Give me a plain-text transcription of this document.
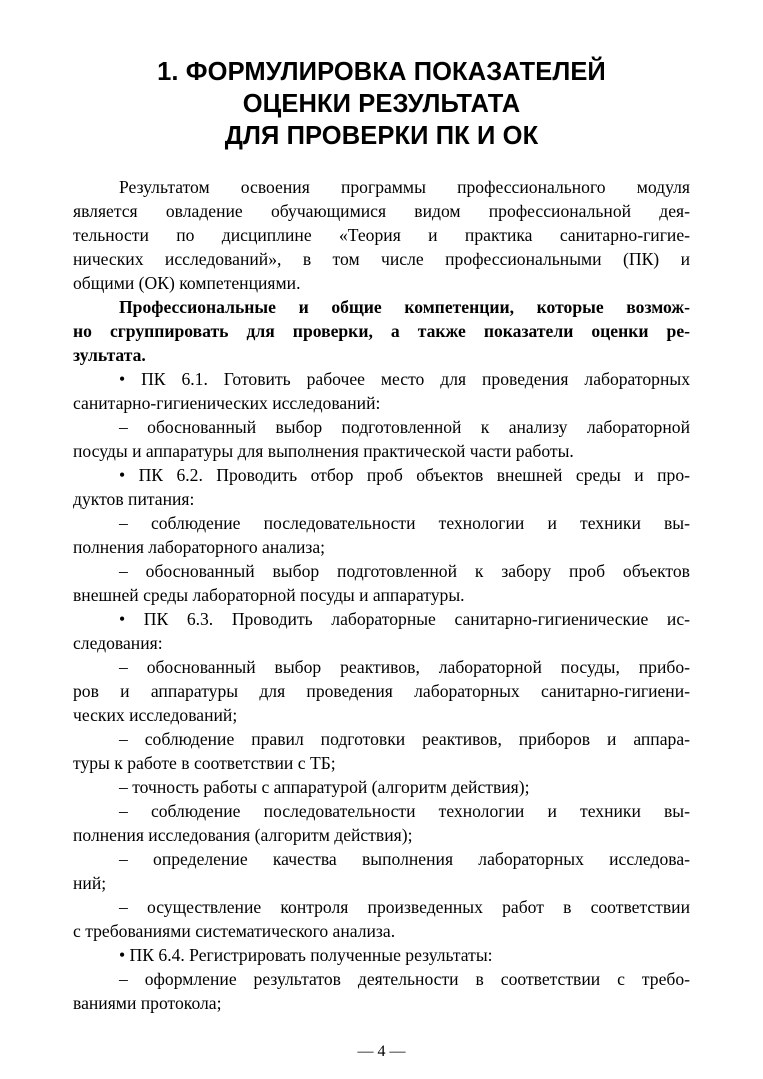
1. ФОРМУЛИРОВКА ПОКАЗАТЕЛЕЙ
ОЦЕНКИ РЕЗУЛЬТАТА
ДЛЯ ПРОВЕРКИ ПК И ОК

Результатом освоения программы профессионального модуля
является овладение обучающимися видом профессиональной дея-
тельности по дисциплине «Теория и практика санитарно-гигие-
нических исследований», в том числе профессиональными (ПК) и
общими (ОК) компетенциями.

Профессиональные и общие компетенции, которые возмож-
но сгруппировать для проверки, а также показатели оценки ре-
зультата.

• ПК 6.1. Готовить рабочее место для проведения лабораторных
санитарно-гигиенических исследований:

– обоснованный выбор подготовленной к анализу лабораторной
посуды и аппаратуры для выполнения практической части работы.

• ПК 6.2. Проводить отбор проб объектов внешней среды и про-
дуктов питания:

– соблюдение последовательности технологии и техники вы-
полнения лабораторного анализа;

– обоснованный выбор подготовленной к забору проб объектов
внешней среды лабораторной посуды и аппаратуры.

• ПК 6.3. Проводить лабораторные санитарно-гигиенические ис-
следования:

– обоснованный выбор реактивов, лабораторной посуды, прибо-
ров и аппаратуры для проведения лабораторных санитарно-гигиени-
ческих исследований;

– соблюдение правил подготовки реактивов, приборов и аппара-
туры к работе в соответствии с ТБ;

– точность работы с аппаратурой (алгоритм действия);

– соблюдение последовательности технологии и техники вы-
полнения исследования (алгоритм действия);

– определение качества выполнения лабораторных исследова-
ний;

– осуществление контроля произведенных работ в соответствии
с требованиями систематического анализа.

• ПК 6.4. Регистрировать полученные результаты:

– оформление результатов деятельности в соответствии с требо-
ваниями протокола;

— 4 —
